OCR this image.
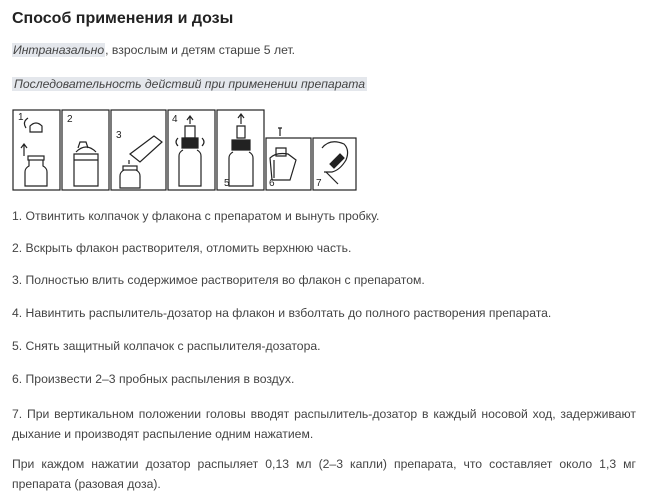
Способ применения и дозы
Интраназально, взрослым и детям старше 5 лет.
Последовательность действий при применении препарата
1	2
3
4
5	6	7
1. Отвинтить колпачок у флакона с препаратом и вынуть пробку.
2. Вскрыть флакон растворителя, отломить верхнюю часть.
3. Полностью влить содержимое растворителя во флакон с препаратом.
4. Навинтить распылитель-дозатор на флакон и взболтать до полного растворения препарата.
5. Снять защитный колпачок с распылителя-дозатора.
6. Произвести 2–3 пробных распыления в воздух.
7. При вертикальном положении головы вводят распылитель-дозатор в каждый носовой ход, задерживают дыхание и производят распыление одним нажатием.
При каждом нажатии дозатор распыляет 0,13 мл (2–3 капли) препарата, что составляет около 1,3 мг препарата (разовая доза).
